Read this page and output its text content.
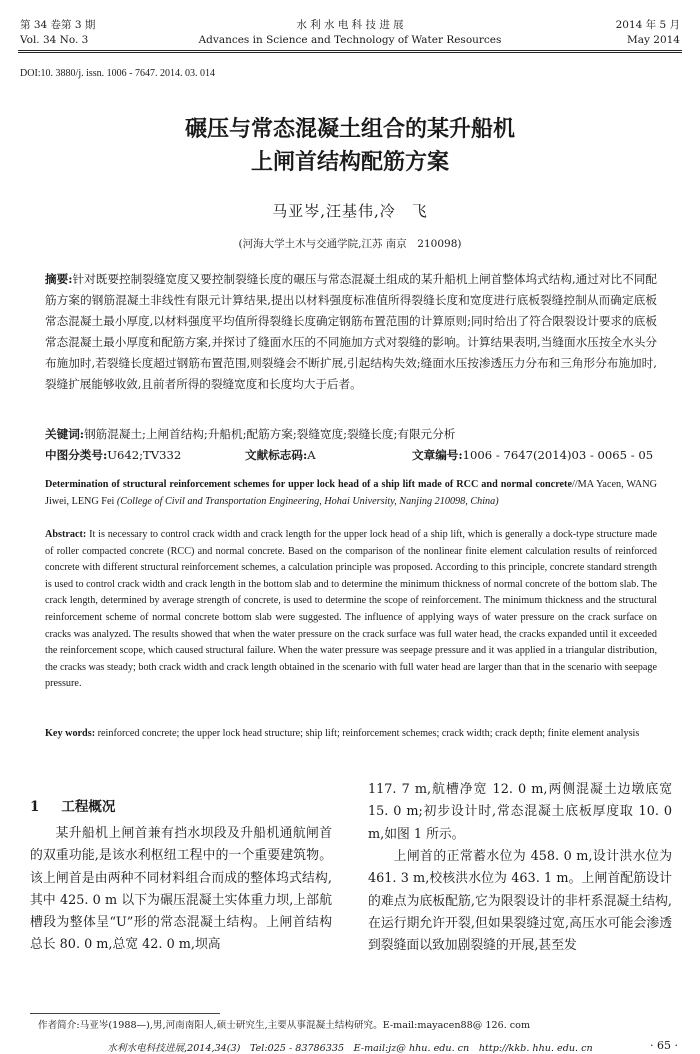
第 34 卷第 3 期
Vol. 34 No. 3
水 利 水 电 科 技 进 展
Advances in Science and Technology of Water Resources
2014 年 5 月
May 2014
DOI:10. 3880/j. issn. 1006 - 7647. 2014. 03. 014
碾压与常态混凝土组合的某升船机
上闸首结构配筋方案
马亚岑,汪基伟,冷　飞
(河海大学土木与交通学院,江苏 南京　210098)
摘要:针对既要控制裂缝宽度又要控制裂缝长度的碾压与常态混凝土组成的某升船机上闸首整体坞式结构,通过对比不同配筋方案的钢筋混凝土非线性有限元计算结果,提出以材料强度标准值所得裂缝长度和宽度进行底板裂缝控制从而确定底板常态混凝土最小厚度,以材料强度平均值所得裂缝长度确定钢筋布置范围的计算原则;同时给出了符合限裂设计要求的底板常态混凝土最小厚度和配筋方案,并探讨了缝面水压的不同施加方式对裂缝的影响。计算结果表明,当缝面水压按全水头分布施加时,若裂缝长度超过钢筋布置范围,则裂缝会不断扩展,引起结构失效;缝面水压按渗透压力分布和三角形分布施加时,裂缝扩展能够收敛,且前者所得的裂缝宽度和长度均大于后者。
关键词:钢筋混凝土;上闸首结构;升船机;配筋方案;裂缝宽度;裂缝长度;有限元分析
中图分类号:U642;TV332	文献标志码:A	文章编号:1006 - 7647(2014)03 - 0065 - 05
Determination of structural reinforcement schemes for upper lock head of a ship lift made of RCC and normal concrete//MA Yacen, WANG Jiwei, LENG Fei (College of Civil and Transportation Engineering, Hohai University, Nanjing 210098, China)
Abstract: It is necessary to control crack width and crack length for the upper lock head of a ship lift, which is generally a dock-type structure made of roller compacted concrete (RCC) and normal concrete. Based on the comparison of the nonlinear finite element calculation results of reinforced concrete with different structural reinforcement schemes, a calculation principle was proposed. According to this principle, concrete standard strength is used to control crack width and crack length in the bottom slab and to determine the minimum thickness of normal concrete of the bottom slab. The crack length, determined by average strength of concrete, is used to determine the scope of reinforcement. The minimum thickness and the structural reinforcement scheme of normal concrete bottom slab were suggested. The influence of applying ways of water pressure on the crack surface on cracks was analyzed. The results showed that when the water pressure on the crack surface was full water head, the cracks expanded until it exceeded the reinforcement scope, which caused structural failure. When the water pressure was seepage pressure and it was applied in a triangular distribution, the cracks was steady; both crack width and crack length obtained in the scenario with full water head are larger than that in the scenario with seepage pressure.
Key words: reinforced concrete; the upper lock head structure; ship lift; reinforcement schemes; crack width; crack depth; finite element analysis
1 工程概况
某升船机上闸首兼有挡水坝段及升船机通航闸首的双重功能,是该水利枢纽工程中的一个重要建筑物。该上闸首是由两种不同材料组合而成的整体坞式结构,其中 425. 0 m 以下为碾压混凝土实体重力坝,上部航槽段为整体呈“U”形的常态混凝土结构。上闸首结构总长 80. 0 m,总宽 42. 0 m,坝高
117. 7 m,航槽净宽 12. 0 m,两侧混凝土边墩底宽 15. 0 m;初步设计时,常态混凝土底板厚度取 10. 0 m,如图 1 所示。
上闸首的正常蓄水位为 458. 0 m,设计洪水位为 461. 3 m,校核洪水位为 463. 1 m。上闸首配筋设计的难点为底板配筋,它为限裂设计的非杆系混凝土结构,在运行期允许开裂,但如果裂缝过宽,高压水可能会渗透到裂缝面以致加剧裂缝的开展,甚至发
作者简介:马亚岑(1988—),男,河南南阳人,硕士研究生,主要从事混凝土结构研究。E-mail:mayacen88@ 126. com
水利水电科技进展,2014,34(3)　Tel:025 - 83786335　E-mail:jz@ hhu. edu. cn　http://kkb. hhu. edu. cn	· 65 ·
